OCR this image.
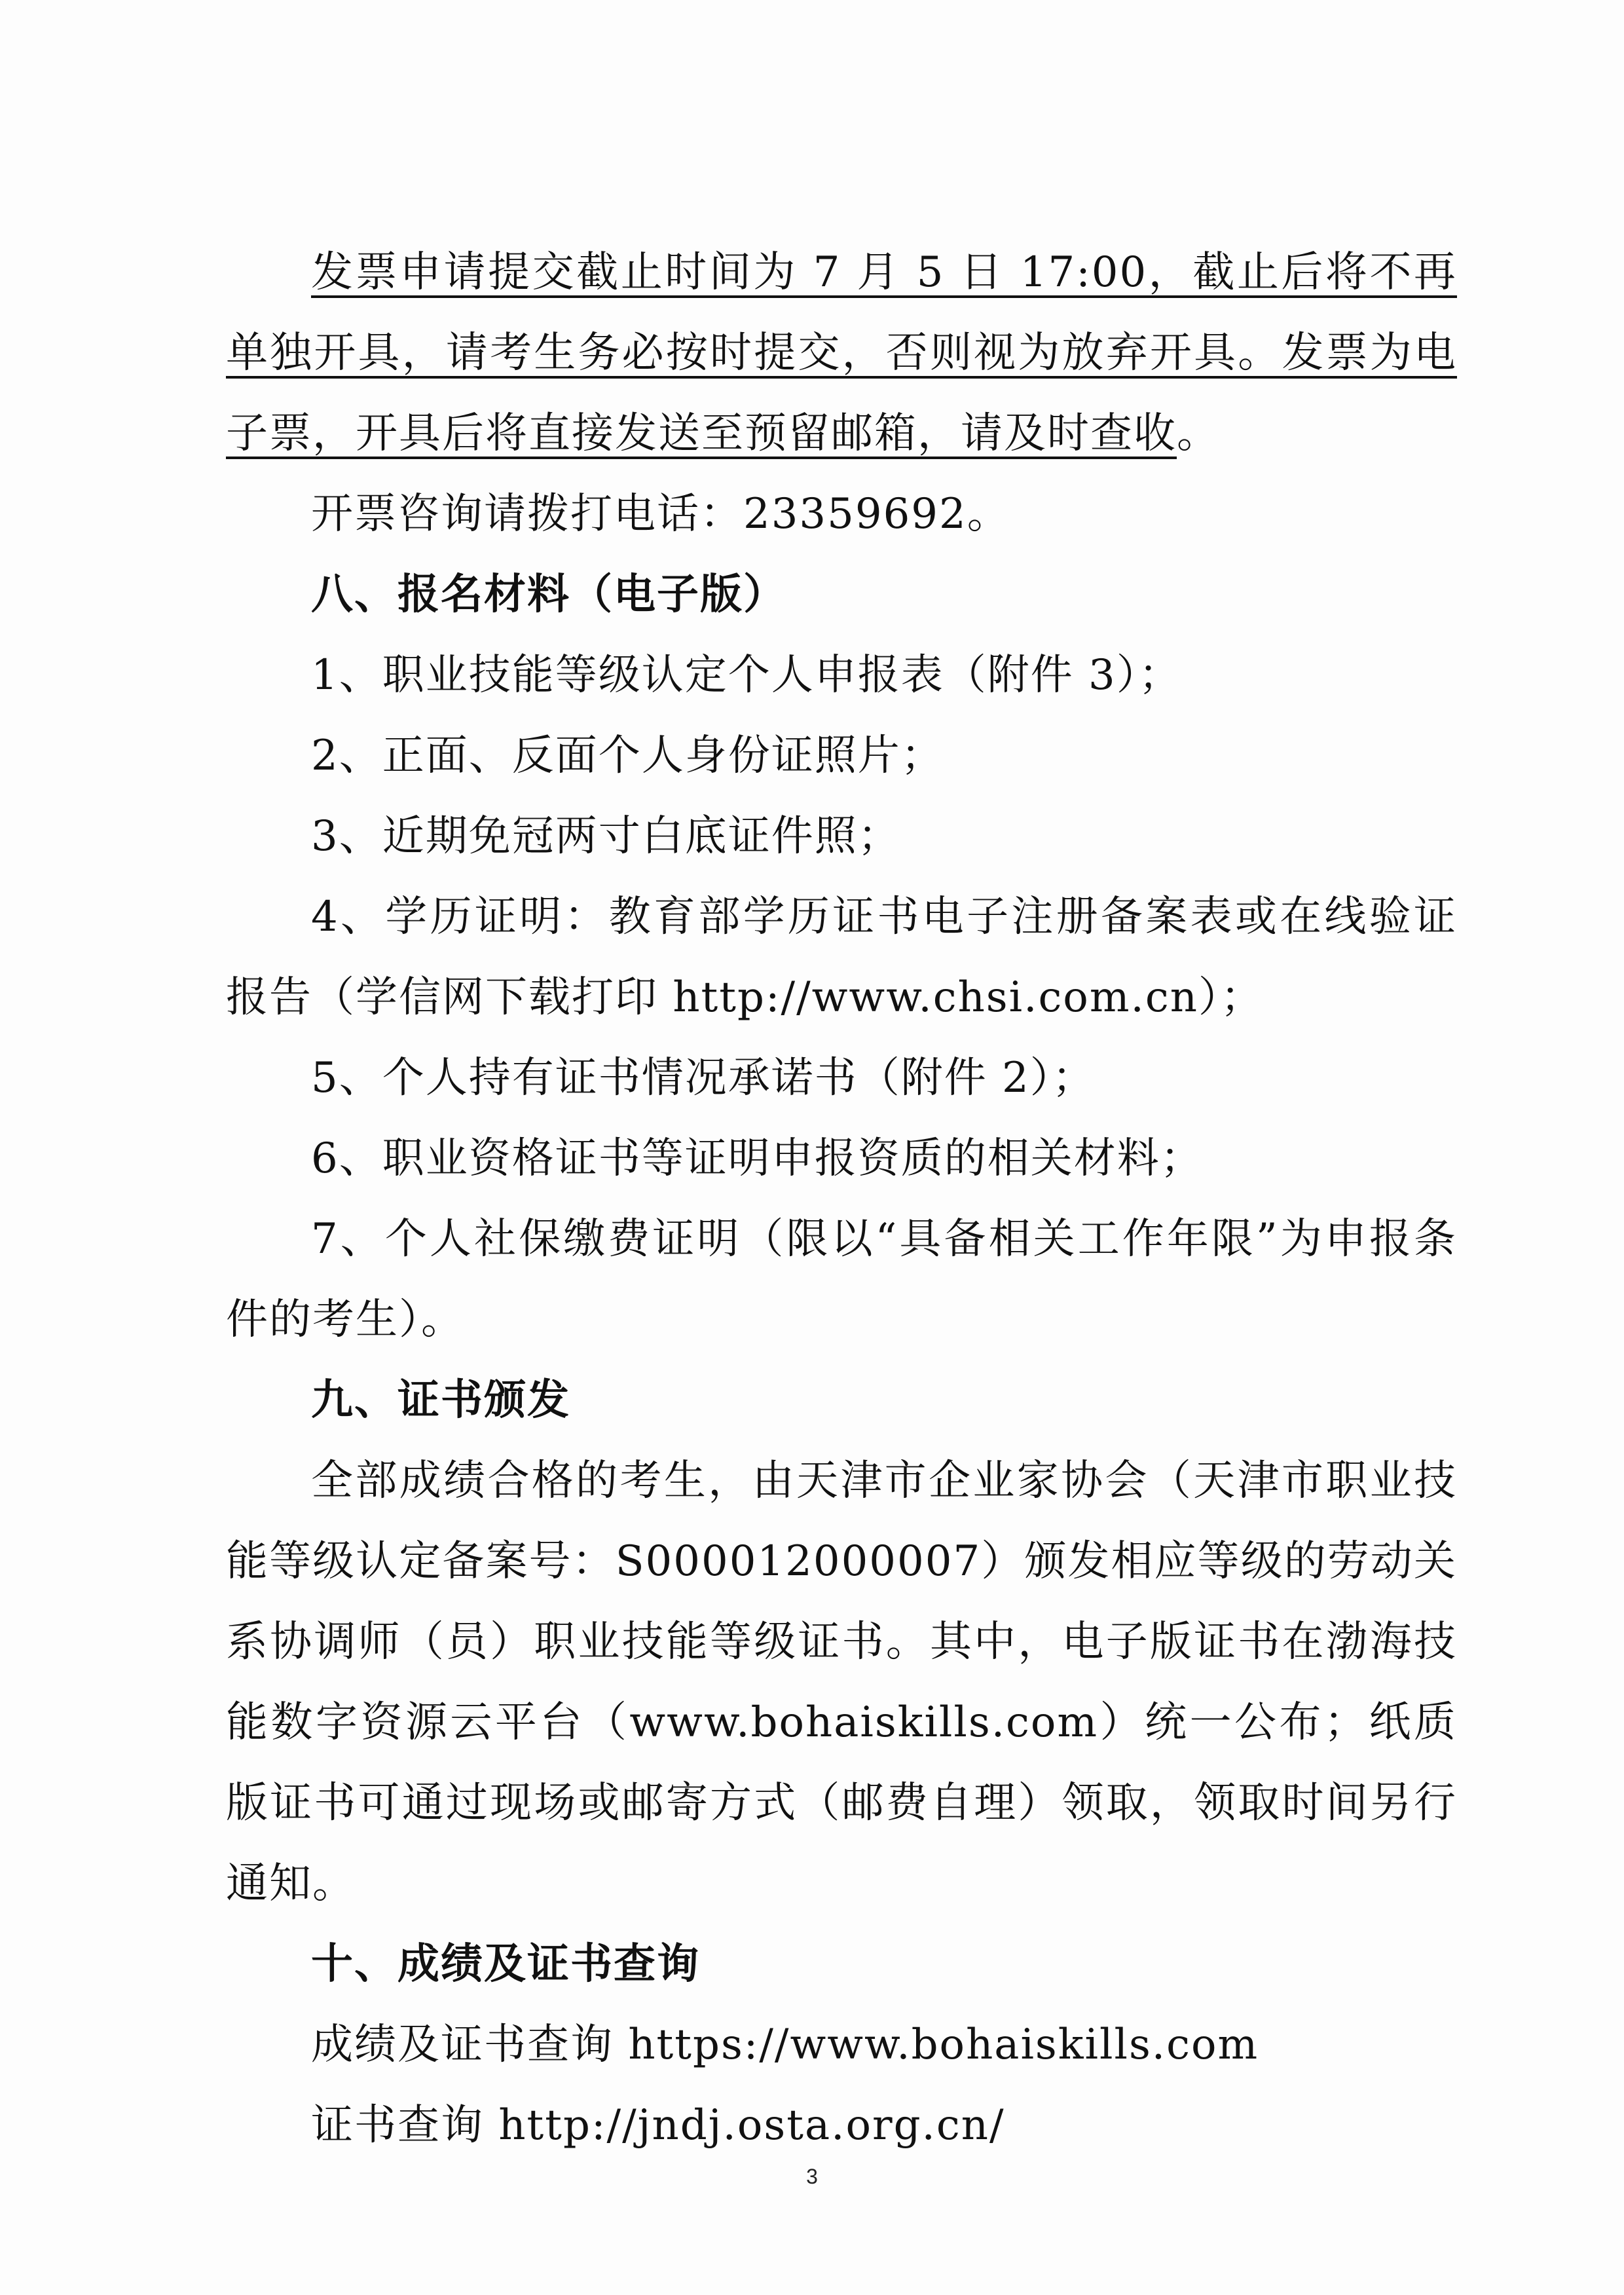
发票申请提交截止时间为 7 月 5 日 17:00，截止后将不再单独开具，请考生务必按时提交，否则视为放弃开具。发票为电子票，开具后将直接发送至预留邮箱，请及时查收。

开票咨询请拨打电话：23359692。

八、报名材料（电子版）

1、职业技能等级认定个人申报表（附件 3）；

2、正面、反面个人身份证照片；

3、近期免冠两寸白底证件照；

4、学历证明：教育部学历证书电子注册备案表或在线验证报告（学信网下载打印 http://www.chsi.com.cn）；

5、个人持有证书情况承诺书（附件 2）；

6、职业资格证书等证明申报资质的相关材料；

7、个人社保缴费证明（限以“具备相关工作年限”为申报条件的考生）。

九、证书颁发

全部成绩合格的考生，由天津市企业家协会（天津市职业技能等级认定备案号：S000012000007）颁发相应等级的劳动关系协调师（员）职业技能等级证书。其中，电子版证书在渤海技能数字资源云平台（www.bohaiskills.com）统一公布；纸质版证书可通过现场或邮寄方式（邮费自理）领取，领取时间另行通知。

十、成绩及证书查询

成绩及证书查询 https://www.bohaiskills.com

证书查询 http://jndj.osta.org.cn/

3
